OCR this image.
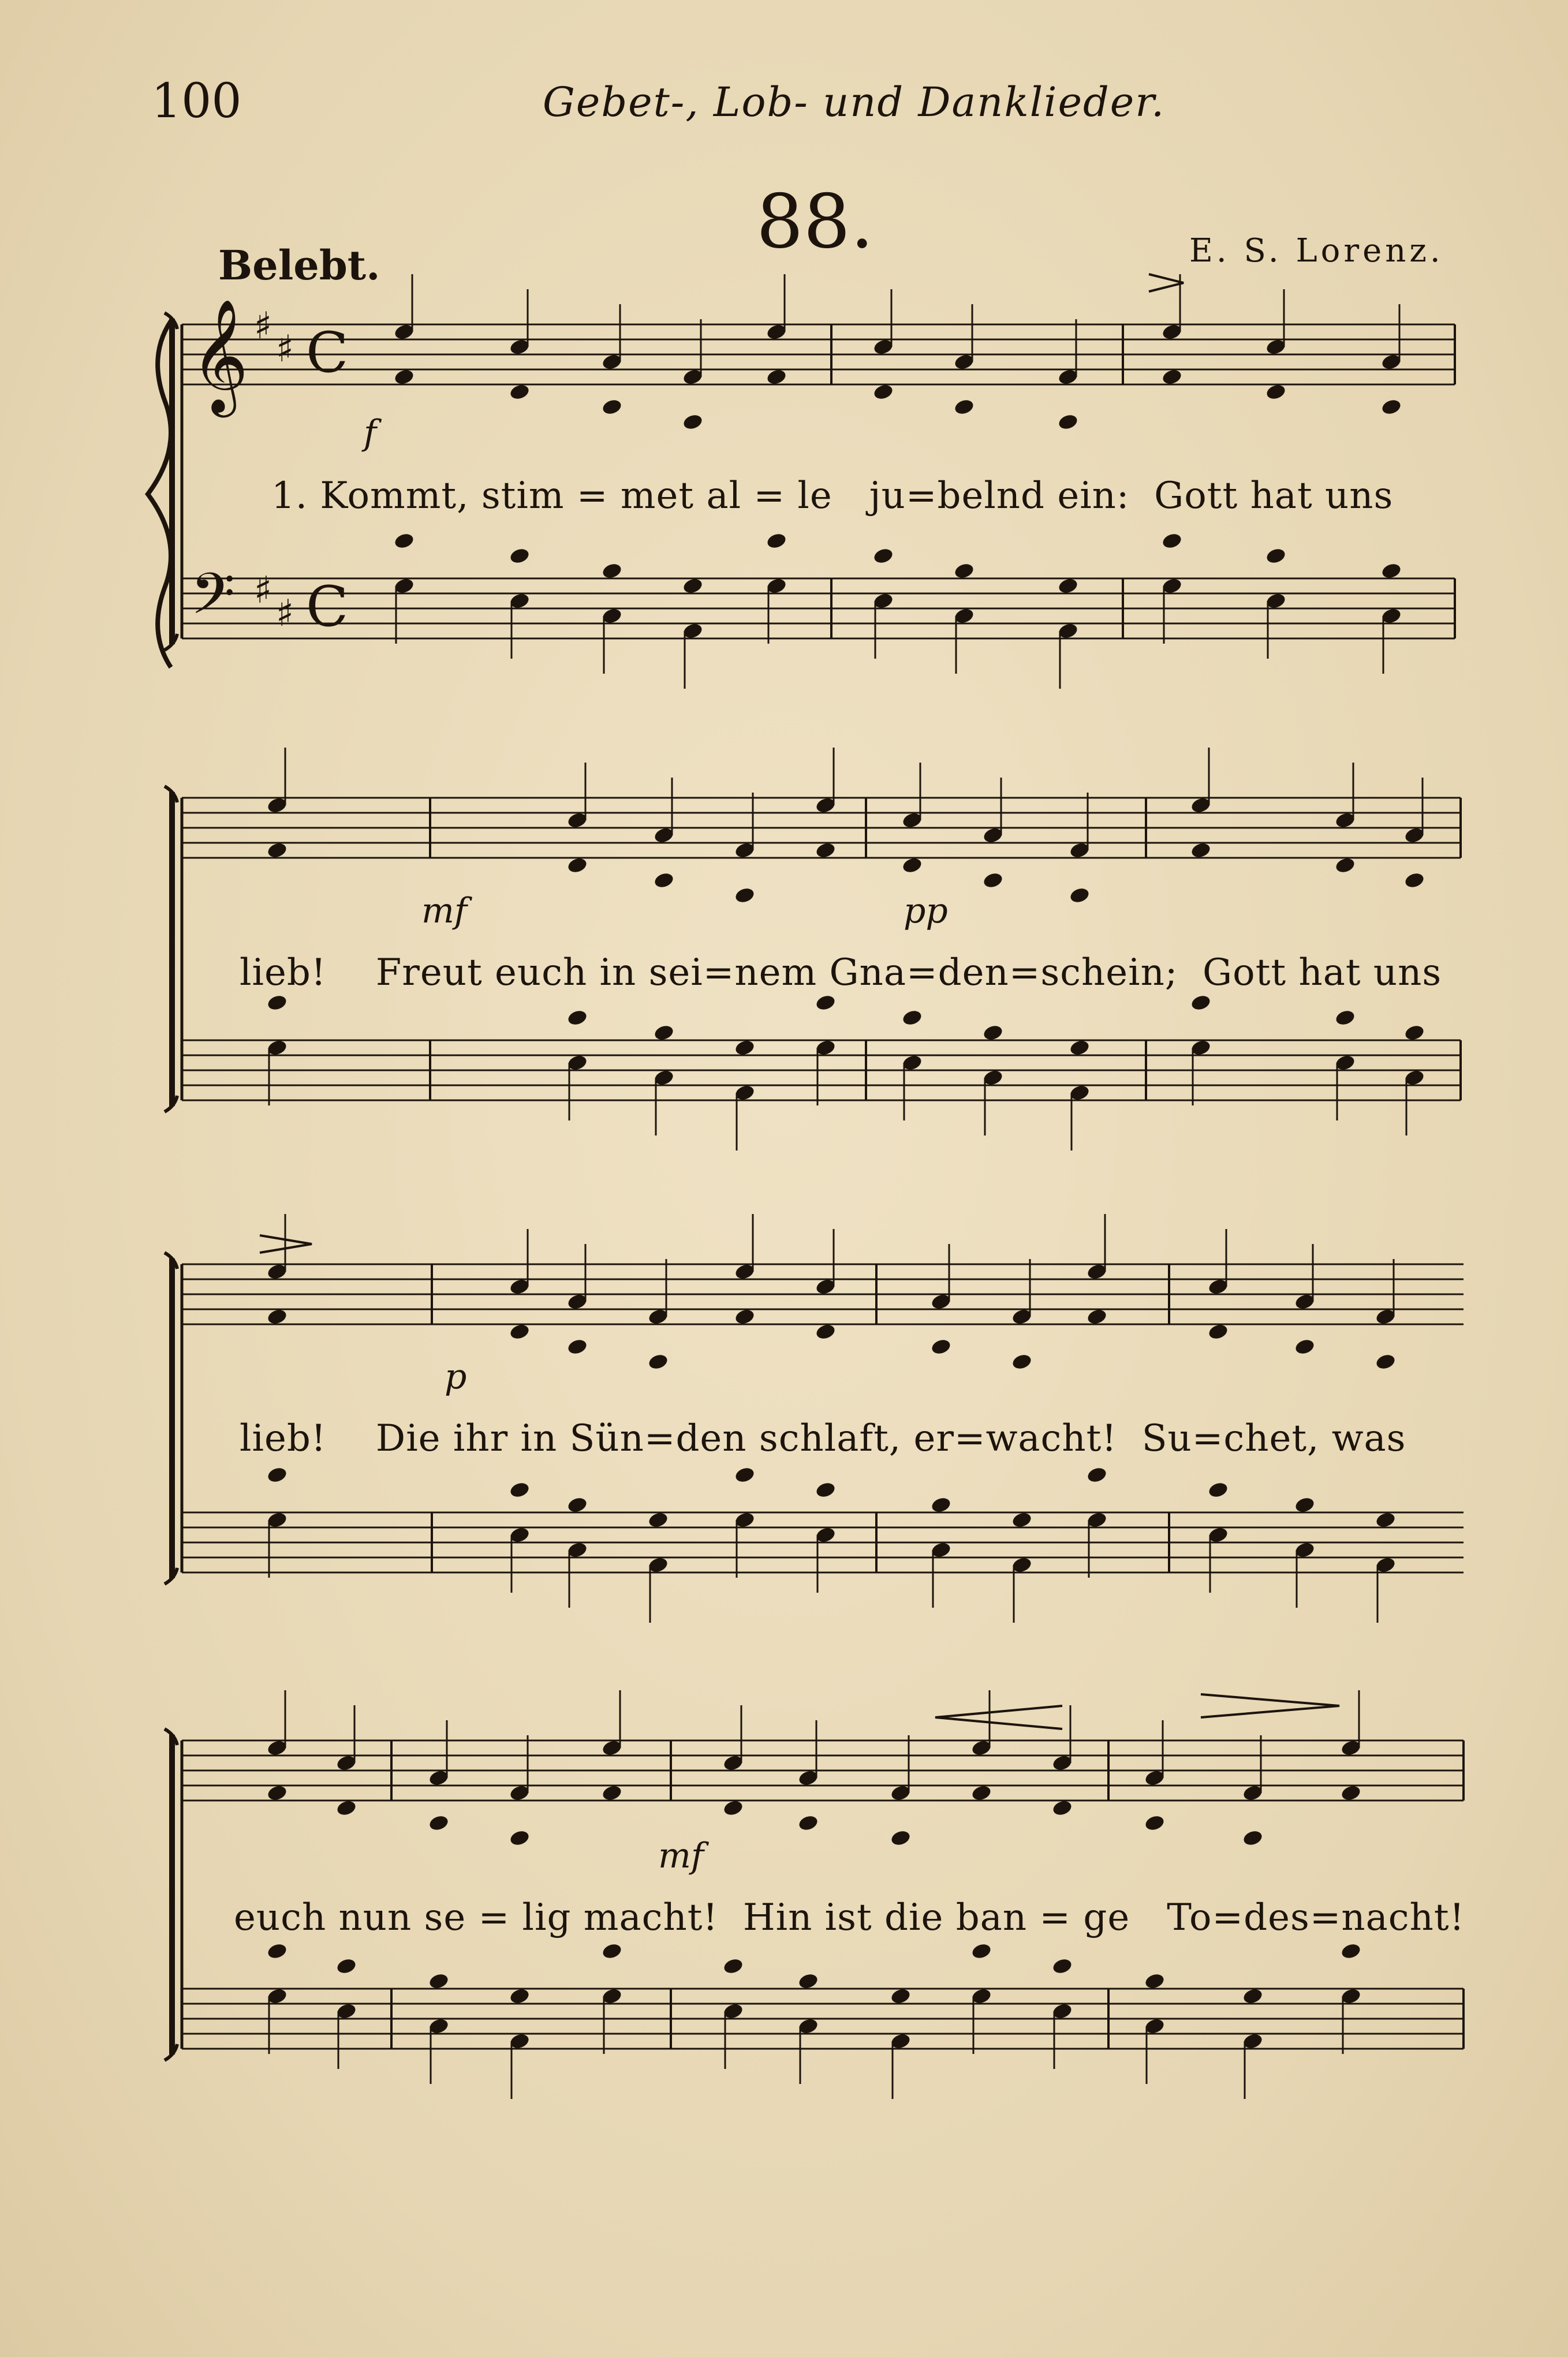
100	Gebet-, Lob- und Danklieder.
88.
Belebt.	E. S. Lorenz.
𝄞
𝄢
♯
♯
♯
♯
C
C
f
mf	pp
p
mf
1. Kommt, stim = met al = le   ju=belnd ein:  Gott hat uns
lieb!    Freut euch in sei=nem Gna=den=schein;  Gott hat uns
lieb!    Die ihr in Sün=den schlaft, er=wacht!  Su=chet, was
euch nun se = lig macht!  Hin ist die ban = ge   To=des=nacht!
